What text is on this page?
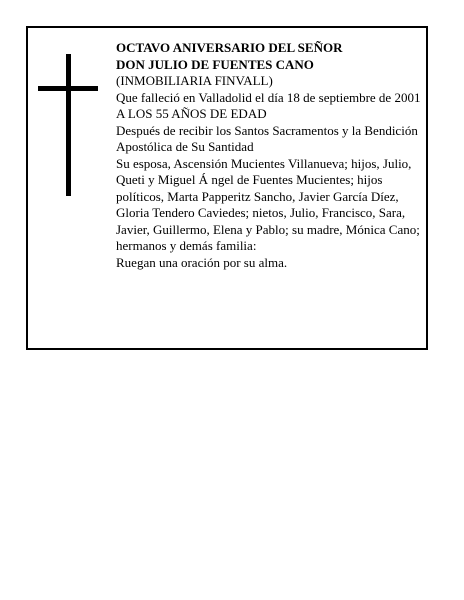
OCTAVO ANIVERSARIO DEL SEÑOR

DON JULIO DE FUENTES CANO

(INMOBILIARIA FINVALL)

Que falleció en Valladolid el día 18 de septiembre de 2001

A LOS 55 AÑOS DE EDAD

Después de recibir los Santos Sacramentos y la Bendición Apostólica de Su Santidad

Su esposa, Ascensión Mucientes Villanueva; hijos, Julio, Queti y Miguel Á ngel de Fuentes Mucientes; hijos políticos, Marta Papperitz Sancho, Javier García Díez, Gloria Tendero Caviedes; nietos, Julio, Francisco, Sara, Javier, Guillermo, Elena y Pablo; su madre, Mónica Cano; hermanos y demás familia:

Ruegan una oración por su alma.
